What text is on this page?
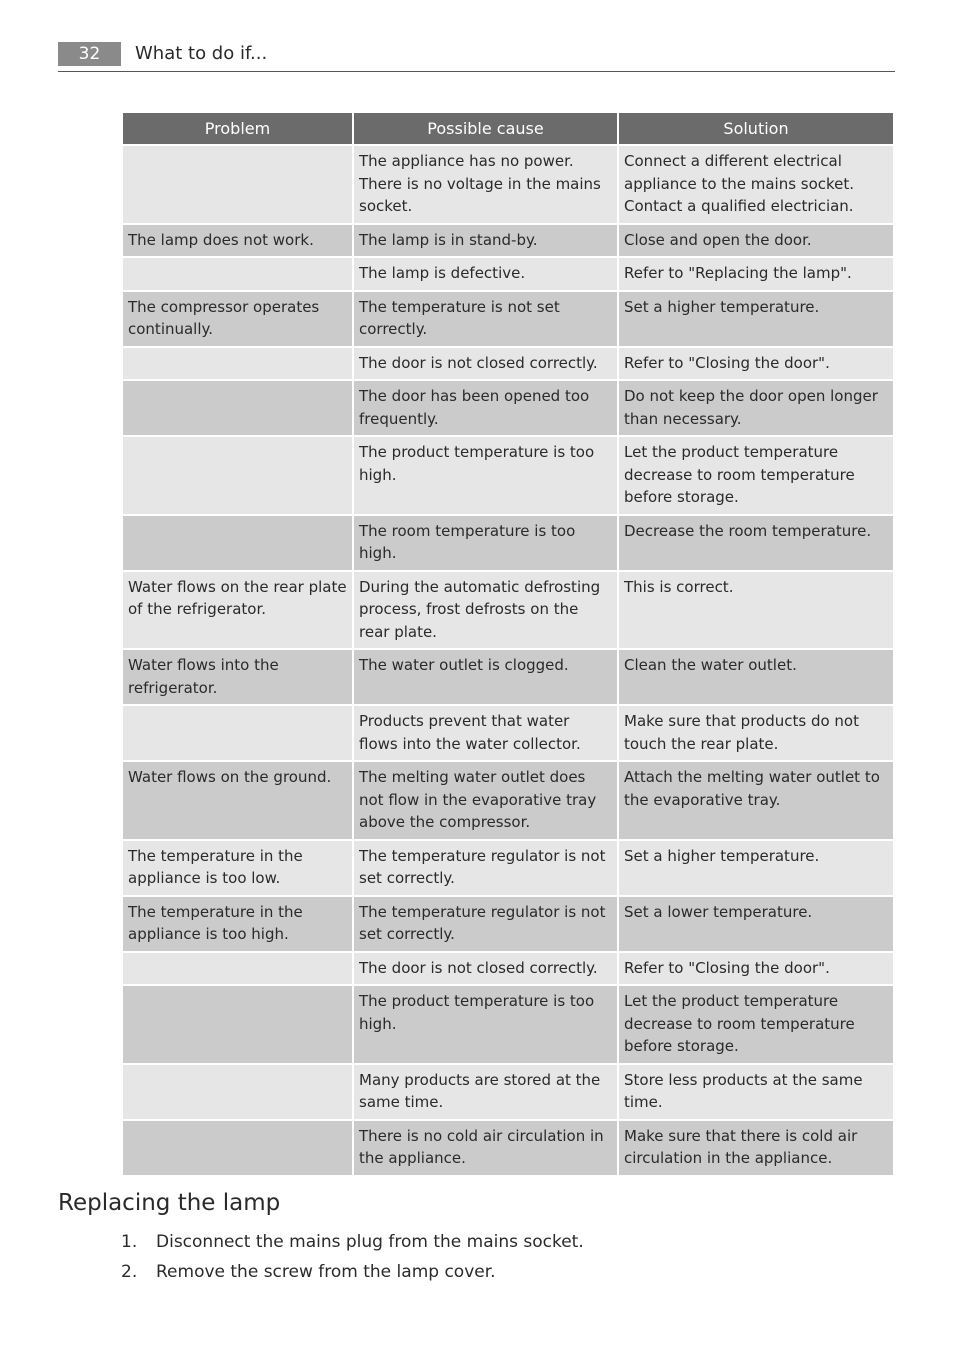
32	What to do if...
Problem	Possible cause	Solution
	The appliance has no power. There is no voltage in the mains socket.	Connect a different electrical appliance to the mains socket. Contact a qualified electrician.
The lamp does not work.	The lamp is in stand-by.	Close and open the door.
	The lamp is defective.	Refer to "Replacing the lamp".
The compressor operates continually.	The temperature is not set correctly.	Set a higher temperature.
	The door is not closed correctly.	Refer to "Closing the door".
	The door has been opened too frequently.	Do not keep the door open longer than necessary.
	The product temperature is too high.	Let the product temperature decrease to room temperature before storage.
	The room temperature is too high.	Decrease the room temperature.
Water flows on the rear plate of the refrigerator.	During the automatic defrosting process, frost defrosts on the rear plate.	This is correct.
Water flows into the refrigerator.	The water outlet is clogged.	Clean the water outlet.
	Products prevent that water flows into the water collector.	Make sure that products do not touch the rear plate.
Water flows on the ground.	The melting water outlet does not flow in the evaporative tray above the compressor.	Attach the melting water outlet to the evaporative tray.
The temperature in the appliance is too low.	The temperature regulator is not set correctly.	Set a higher temperature.
The temperature in the appliance is too high.	The temperature regulator is not set correctly.	Set a lower temperature.
	The door is not closed correctly.	Refer to "Closing the door".
	The product temperature is too high.	Let the product temperature decrease to room temperature before storage.
	Many products are stored at the same time.	Store less products at the same time.
	There is no cold air circulation in the appliance.	Make sure that there is cold air circulation in the appliance.
Replacing the lamp
1. Disconnect the mains plug from the mains socket.
2. Remove the screw from the lamp cover.
